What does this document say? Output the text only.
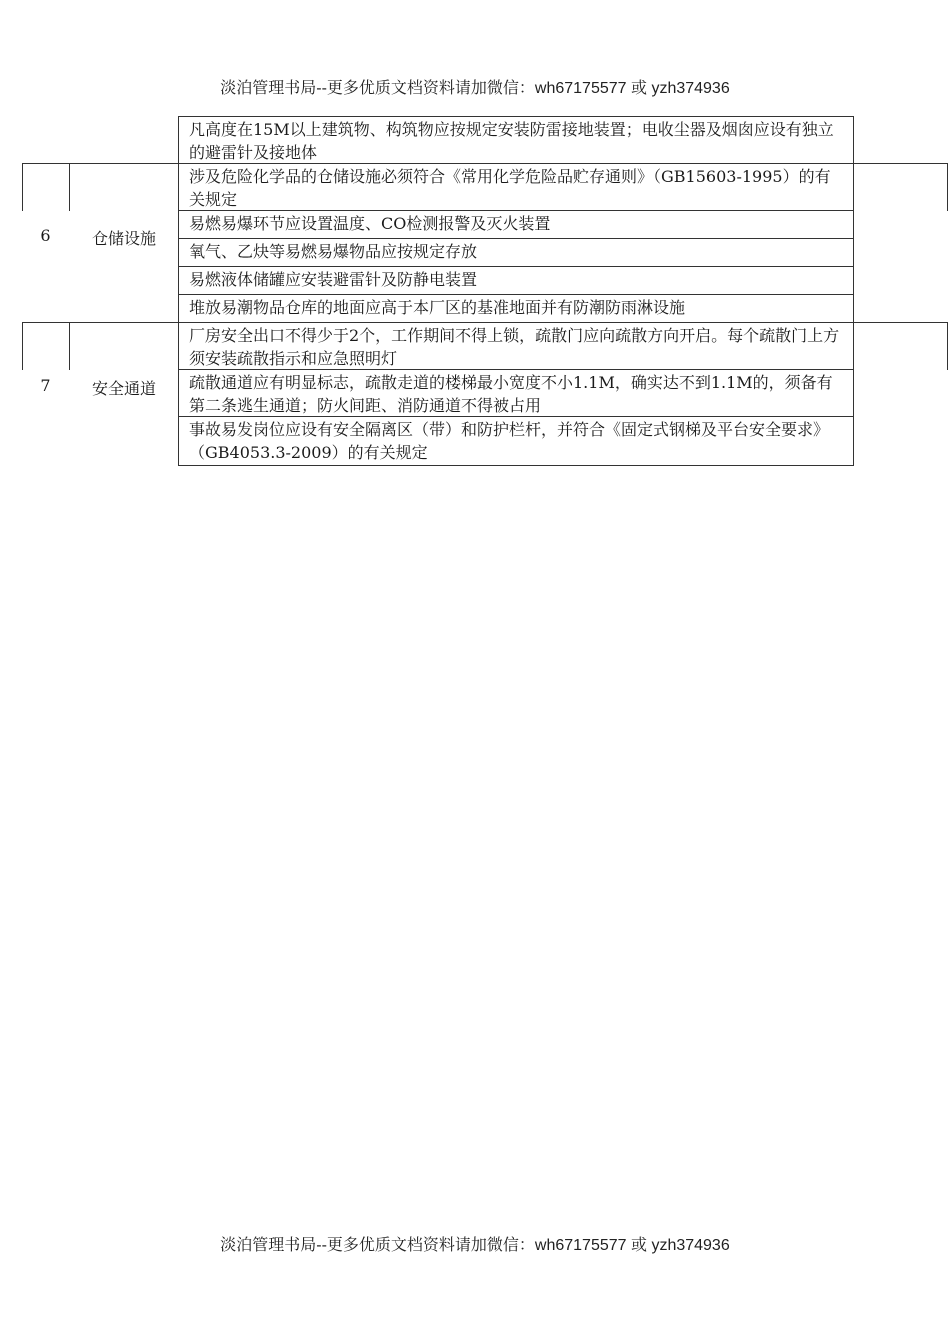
淡泊管理书局--更多优质文档资料请加微信：wh67175577 或 yzh374936
凡高度在15M以上建筑物、构筑物应按规定安装防雷接地装置；电收尘器及烟囱应设有独立的避雷针及接地体
6	仓储设施
涉及危险化学品的仓储设施必须符合《常用化学危险品贮存通则》（GB15603-1995）的有关规定
易燃易爆环节应设置温度、CO检测报警及灭火装置
氧气、乙炔等易燃易爆物品应按规定存放
易燃液体储罐应安装避雷针及防静电装置
堆放易潮物品仓库的地面应高于本厂区的基准地面并有防潮防雨淋设施
7	安全通道
厂房安全出口不得少于2个，工作期间不得上锁，疏散门应向疏散方向开启。每个疏散门上方须安装疏散指示和应急照明灯
疏散通道应有明显标志，疏散走道的楼梯最小宽度不小1.1M，确实达不到1.1M的，须备有第二条逃生通道；防火间距、消防通道不得被占用
事故易发岗位应设有安全隔离区（带）和防护栏杆，并符合《固定式钢梯及平台安全要求》（GB4053.3-2009）的有关规定
淡泊管理书局--更多优质文档资料请加微信：wh67175577 或 yzh374936
